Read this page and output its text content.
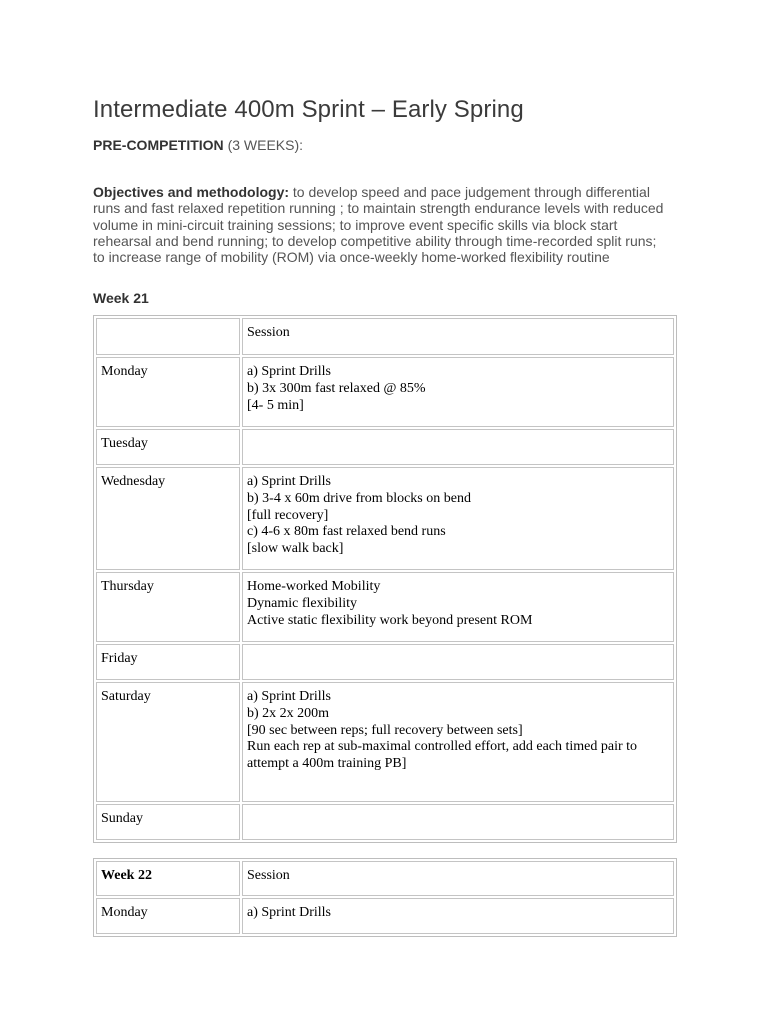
Intermediate 400m Sprint – Early Spring
PRE-COMPETITION (3 WEEKS):
Objectives and methodology: to develop speed and pace judgement through differential runs and fast relaxed repetition running ; to maintain strength endurance levels with reduced volume in mini-circuit training sessions; to improve event specific skills via block start rehearsal and bend running; to develop competitive ability through time-recorded split runs; to increase range of mobility (ROM) via once-weekly home-worked flexibility routine
Week 21
	Session
Monday	a) Sprint Drills
b) 3x 300m fast relaxed @ 85%
[4- 5 min]

Tuesday	
Wednesday	a) Sprint Drills
b) 3-4 x 60m drive from blocks on bend
[full recovery]
c) 4-6 x 80m fast relaxed bend runs
[slow walk back]

Thursday	Home-worked Mobility
Dynamic flexibility
Active static flexibility work beyond present ROM

Friday	
Saturday	a) Sprint Drills
b) 2x 2x 200m
[90 sec between reps; full recovery between sets]
Run each rep at sub-maximal controlled effort, add each timed pair to attempt a 400m training PB]

Sunday	
Week 22	Session
Monday	a) Sprint Drills
